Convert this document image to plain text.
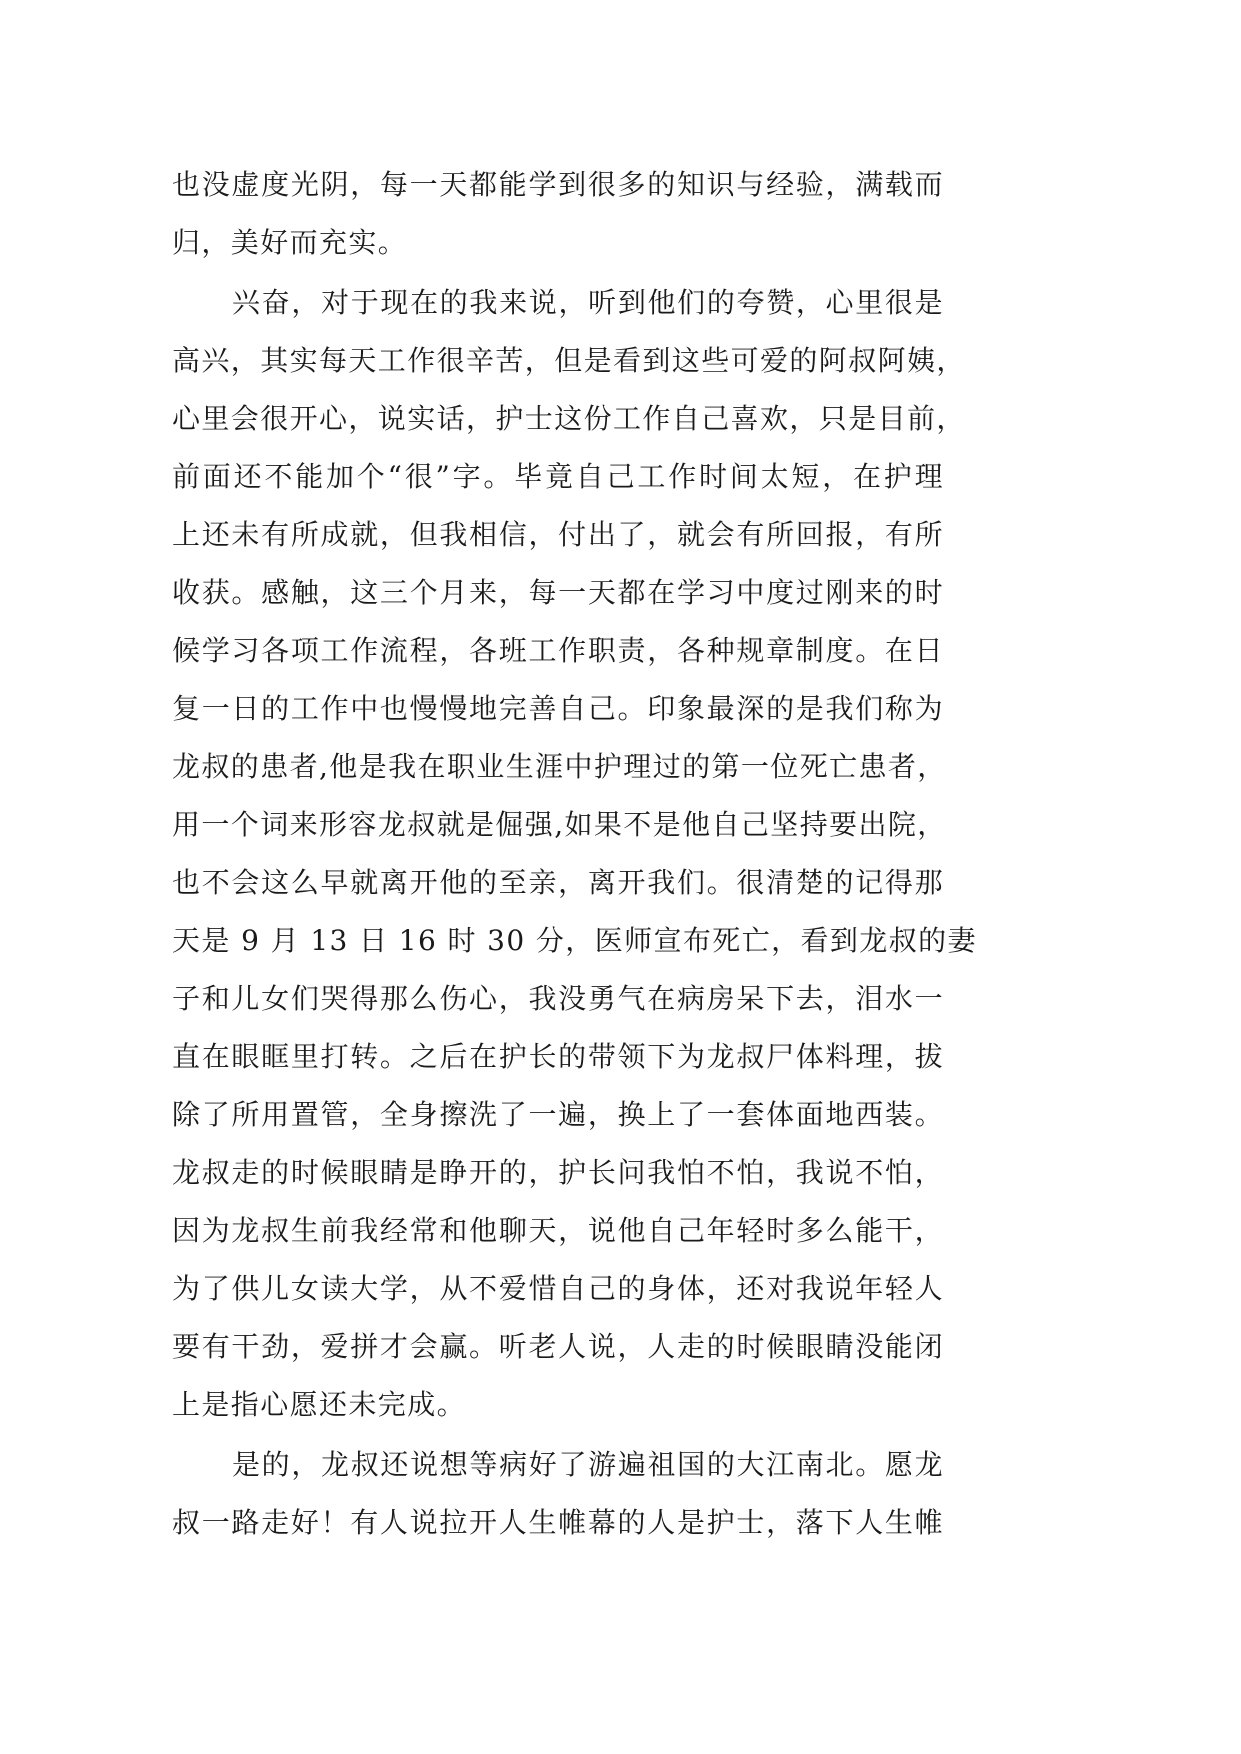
也没虚度光阴，每一天都能学到很多的知识与经验，满载而
归，美好而充实。
兴奋，对于现在的我来说，听到他们的夸赞，心里很是
高兴，其实每天工作很辛苦，但是看到这些可爱的阿叔阿姨，
心里会很开心，说实话，护士这份工作自己喜欢，只是目前，
前面还不能加个“很”字。毕竟自己工作时间太短，在护理
上还未有所成就，但我相信，付出了，就会有所回报，有所
收获。感触，这三个月来，每一天都在学习中度过刚来的时
候学习各项工作流程，各班工作职责，各种规章制度。在日
复一日的工作中也慢慢地完善自己。印象最深的是我们称为
龙叔的患者,他是我在职业生涯中护理过的第一位死亡患者，
用一个词来形容龙叔就是倔强,如果不是他自己坚持要出院，
也不会这么早就离开他的至亲，离开我们。很清楚的记得那
天是 9 月 13 日 16 时 30 分，医师宣布死亡，看到龙叔的妻
子和儿女们哭得那么伤心，我没勇气在病房呆下去，泪水一
直在眼眶里打转。之后在护长的带领下为龙叔尸体料理，拔
除了所用置管，全身擦洗了一遍，换上了一套体面地西装。
龙叔走的时候眼睛是睁开的，护长问我怕不怕，我说不怕，
因为龙叔生前我经常和他聊天，说他自己年轻时多么能干，
为了供儿女读大学，从不爱惜自己的身体，还对我说年轻人
要有干劲，爱拼才会赢。听老人说，人走的时候眼睛没能闭
上是指心愿还未完成。
是的，龙叔还说想等病好了游遍祖国的大江南北。愿龙
叔一路走好！有人说拉开人生帷幕的人是护士，落下人生帷
